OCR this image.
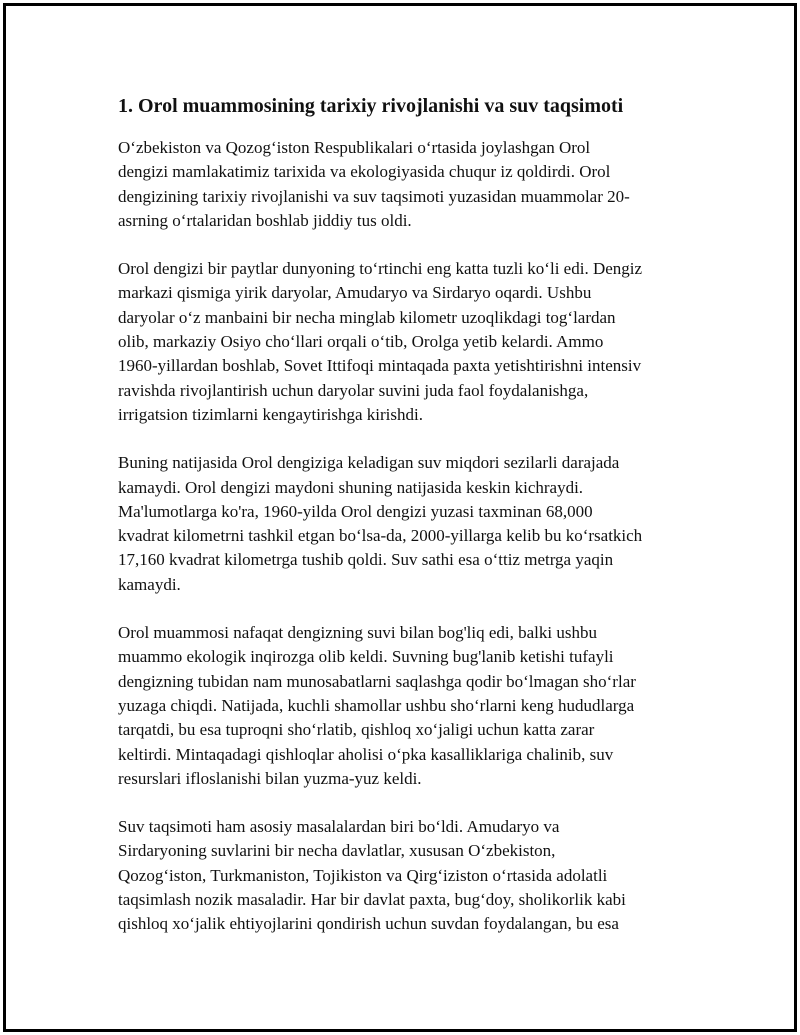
1. Orol muammosining tarixiy rivojlanishi va suv taqsimoti

O‘zbekiston va Qozog‘iston Respublikalari o‘rtasida joylashgan Orol
dengizi mamlakatimiz tarixida va ekologiyasida chuqur iz qoldirdi. Orol
dengizining tarixiy rivojlanishi va suv taqsimoti yuzasidan muammolar 20-
asrning o‘rtalaridan boshlab jiddiy tus oldi.

Orol dengizi bir paytlar dunyoning to‘rtinchi eng katta tuzli ko‘li edi. Dengiz
markazi qismiga yirik daryolar, Amudaryo va Sirdaryo oqardi. Ushbu
daryolar o‘z manbaini bir necha minglab kilometr uzoqlikdagi tog‘lardan
olib, markaziy Osiyo cho‘llari orqali o‘tib, Orolga yetib kelardi. Ammo
1960-yillardan boshlab, Sovet Ittifoqi mintaqada paxta yetishtirishni intensiv
ravishda rivojlantirish uchun daryolar suvini juda faol foydalanishga,
irrigatsion tizimlarni kengaytirishga kirishdi.

Buning natijasida Orol dengiziga keladigan suv miqdori sezilarli darajada
kamaydi. Orol dengizi maydoni shuning natijasida keskin kichraydi.
Ma'lumotlarga ko'ra, 1960-yilda Orol dengizi yuzasi taxminan 68,000
kvadrat kilometrni tashkil etgan bo‘lsa-da, 2000-yillarga kelib bu ko‘rsatkich
17,160 kvadrat kilometrga tushib qoldi. Suv sathi esa o‘ttiz metrga yaqin
kamaydi.

Orol muammosi nafaqat dengizning suvi bilan bog'liq edi, balki ushbu
muammo ekologik inqirozga olib keldi. Suvning bug'lanib ketishi tufayli
dengizning tubidan nam munosabatlarni saqlashga qodir bo‘lmagan sho‘rlar
yuzaga chiqdi. Natijada, kuchli shamollar ushbu sho‘rlarni keng hududlarga
tarqatdi, bu esa tuproqni sho‘rlatib, qishloq xo‘jaligi uchun katta zarar
keltirdi. Mintaqadagi qishloqlar aholisi o‘pka kasalliklariga chalinib, suv
resurslari ifloslanishi bilan yuzma-yuz keldi.

Suv taqsimoti ham asosiy masalalardan biri bo‘ldi. Amudaryo va
Sirdaryoning suvlarini bir necha davlatlar, xususan O‘zbekiston,
Qozog‘iston, Turkmaniston, Tojikiston va Qirg‘iziston o‘rtasida adolatli
taqsimlash nozik masaladir. Har bir davlat paxta, bug‘doy, sholikorlik kabi
qishloq xo‘jalik ehtiyojlarini qondirish uchun suvdan foydalangan, bu esa
